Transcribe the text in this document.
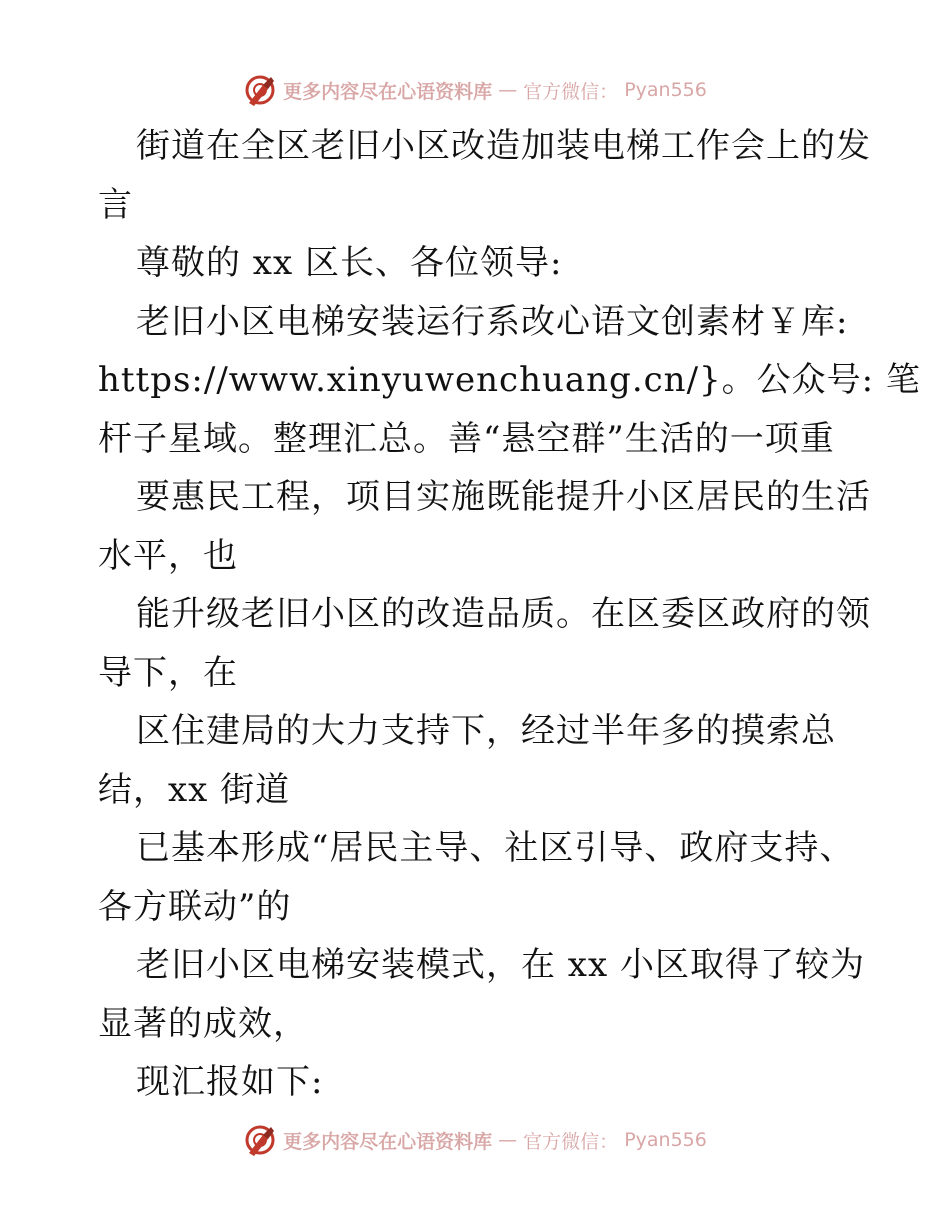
更多内容尽在心语资料库 — 官方微信： Pyan556
街道在全区老旧小区改造加装电梯工作会上的发
言
尊敬的 xx 区长、各位领导:
老旧小区电梯安装运行系改心语文创素材￥库:
https://www.xinyuwenchuang.cn/}。公众号: 笔
杆子星域。整理汇总。善“悬空群”生活的一项重
要惠民工程，项目实施既能提升小区居民的生活
水平，也
能升级老旧小区的改造品质。在区委区政府的领
导下，在
区住建局的大力支持下，经过半年多的摸索总
结，xx 街道
已基本形成“居民主导、社区引导、政府支持、
各方联动”的
老旧小区电梯安装模式，在 xx 小区取得了较为
显著的成效，
现汇报如下:
更多内容尽在心语资料库 — 官方微信： Pyan556
